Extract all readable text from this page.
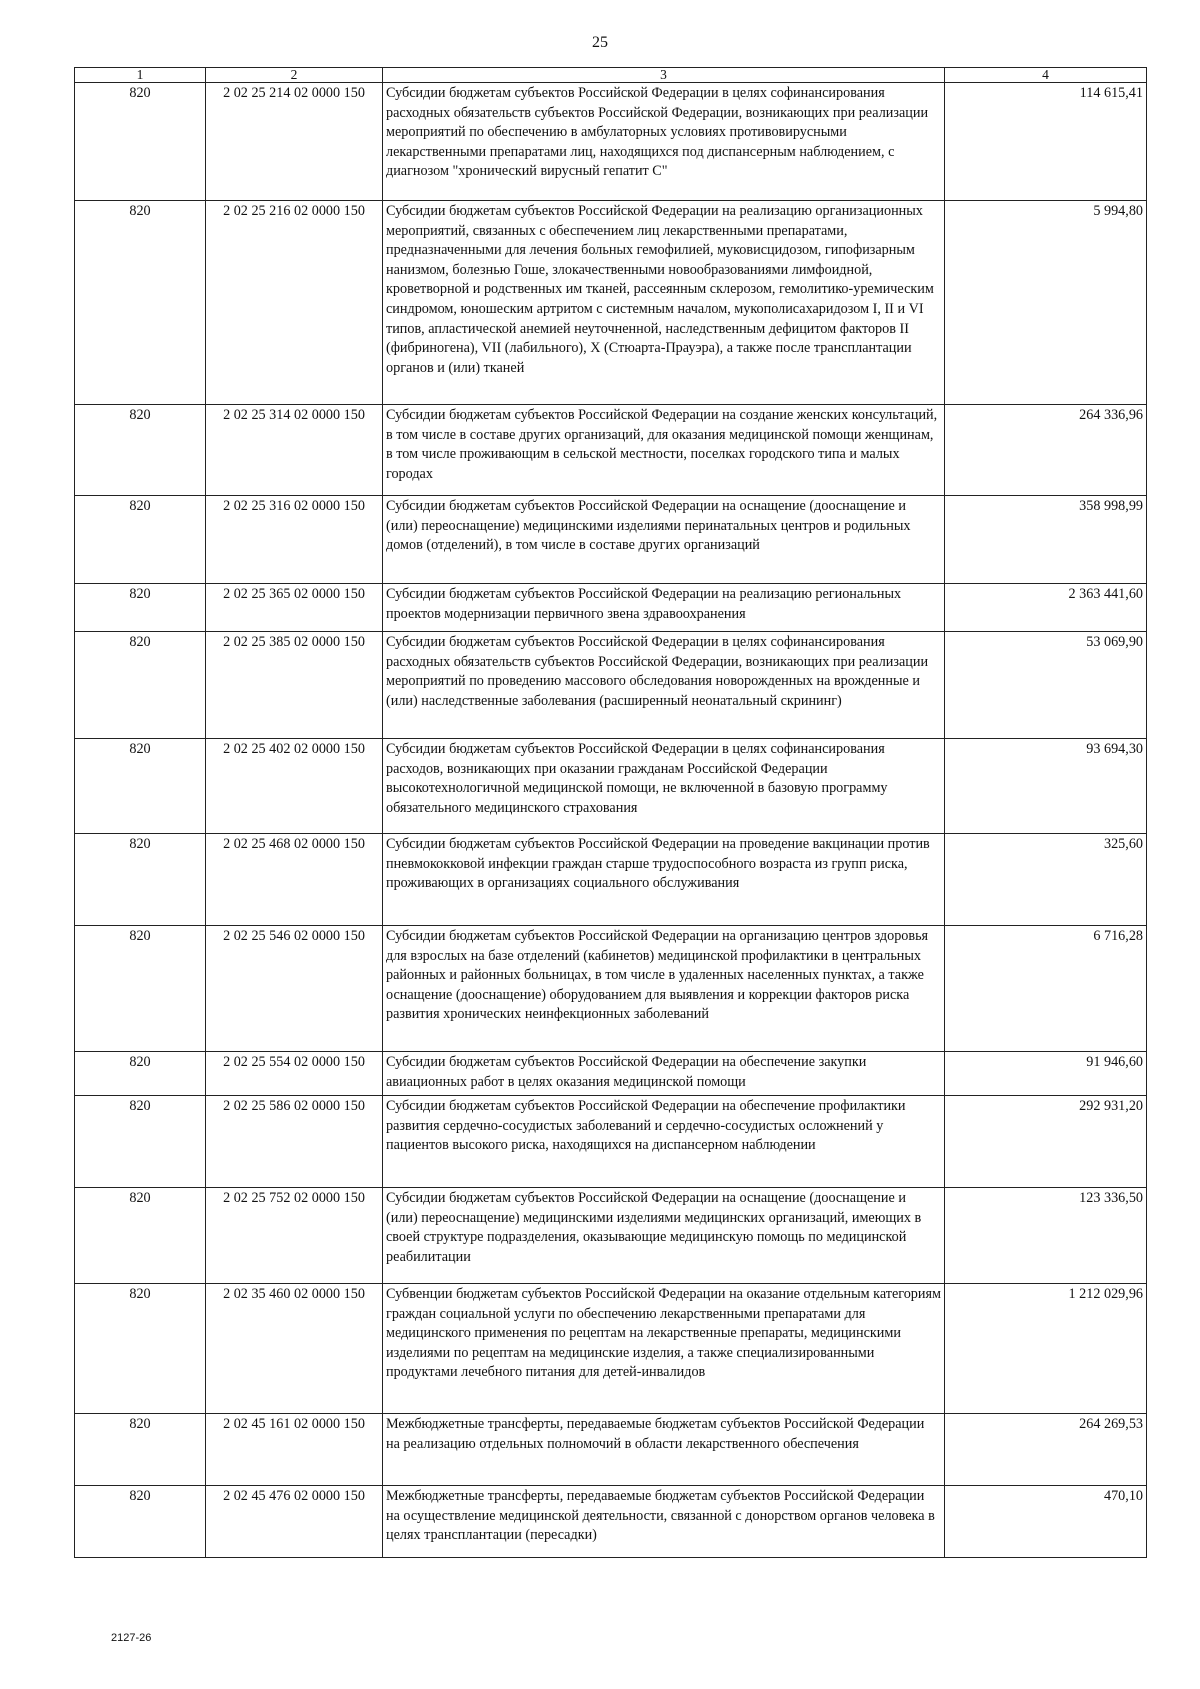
25
1	2	3	4
820	2 02 25 214 02 0000 150	Субсидии бюджетам субъектов Российской Федерации в целях софинансирования расходных обязательств субъектов Российской Федерации, возникающих при реализации мероприятий по обеспечению в амбулаторных условиях противовирусными лекарственными препаратами лиц, находящихся под диспансерным наблюдением, с диагнозом "хронический вирусный гепатит С"	114 615,41
820	2 02 25 216 02 0000 150	Субсидии бюджетам субъектов Российской Федерации на реализацию организационных мероприятий, связанных с обеспечением лиц лекарственными препаратами, предназначенными для лечения больных гемофилией, муковисцидозом, гипофизарным нанизмом, болезнью Гоше, злокачественными новообразованиями лимфоидной, кроветворной и родственных им тканей, рассеянным склерозом, гемолитико-уремическим синдромом, юношеским артритом с системным началом, мукополисахаридозом I, II и VI типов, апластической анемией неуточненной, наследственным дефицитом факторов II (фибриногена), VII (лабильного), X (Стюарта-Прауэра), а также после трансплантации органов и (или) тканей	5 994,80
820	2 02 25 314 02 0000 150	Субсидии бюджетам субъектов Российской Федерации на создание женских консультаций, в том числе в составе других организаций, для оказания медицинской помощи женщинам, в том числе проживающим в сельской местности, поселках городского типа и малых городах	264 336,96
820	2 02 25 316 02 0000 150	Субсидии бюджетам субъектов Российской Федерации на оснащение (дооснащение и (или) переоснащение) медицинскими изделиями перинатальных центров и родильных домов (отделений), в том числе в составе других организаций	358 998,99
820	2 02 25 365 02 0000 150	Субсидии бюджетам субъектов Российской Федерации на реализацию региональных проектов модернизации первичного звена здравоохранения	2 363 441,60
820	2 02 25 385 02 0000 150	Субсидии бюджетам субъектов Российской Федерации в целях софинансирования расходных обязательств субъектов Российской Федерации, возникающих при реализации мероприятий по проведению массового обследования новорожденных на врожденные и (или) наследственные заболевания (расширенный неонатальный скрининг)	53 069,90
820	2 02 25 402 02 0000 150	Субсидии бюджетам субъектов Российской Федерации в целях софинансирования расходов, возникающих при оказании гражданам Российской Федерации высокотехнологичной медицинской помощи, не включенной в базовую программу обязательного медицинского страхования	93 694,30
820	2 02 25 468 02 0000 150	Субсидии бюджетам субъектов Российской Федерации на проведение вакцинации против пневмококковой инфекции граждан старше трудоспособного возраста из групп риска, проживающих в организациях социального обслуживания	325,60
820	2 02 25 546 02 0000 150	Субсидии бюджетам субъектов Российской Федерации на организацию центров здоровья для взрослых на базе отделений (кабинетов) медицинской профилактики в центральных районных и районных больницах, в том числе в удаленных населенных пунктах, а также оснащение (дооснащение) оборудованием для выявления и коррекции факторов риска развития хронических неинфекционных заболеваний	6 716,28
820	2 02 25 554 02 0000 150	Субсидии бюджетам субъектов Российской Федерации на обеспечение закупки авиационных работ в целях оказания медицинской помощи	91 946,60
820	2 02 25 586 02 0000 150	Субсидии бюджетам субъектов Российской Федерации на обеспечение профилактики развития сердечно-сосудистых заболеваний и сердечно-сосудистых осложнений у пациентов высокого риска, находящихся на диспансерном наблюдении	292 931,20
820	2 02 25 752 02 0000 150	Субсидии бюджетам субъектов Российской Федерации на оснащение (дооснащение и (или) переоснащение) медицинскими изделиями медицинских организаций, имеющих в своей структуре подразделения, оказывающие медицинскую помощь по медицинской реабилитации	123 336,50
820	2 02 35 460 02 0000 150	Субвенции бюджетам субъектов Российской Федерации на оказание отдельным категориям граждан социальной услуги по обеспечению лекарственными препаратами для медицинского применения по рецептам на лекарственные препараты, медицинскими изделиями по рецептам на медицинские изделия, а также специализированными продуктами лечебного питания для детей-инвалидов	1 212 029,96
820	2 02 45 161 02 0000 150	Межбюджетные трансферты, передаваемые бюджетам субъектов Российской Федерации на реализацию отдельных полномочий в области лекарственного обеспечения	264 269,53
820	2 02 45 476 02 0000 150	Межбюджетные трансферты, передаваемые бюджетам субъектов Российской Федерации на осуществление медицинской деятельности, связанной с донорством органов человека в целях трансплантации (пересадки)	470,10
2127-26
